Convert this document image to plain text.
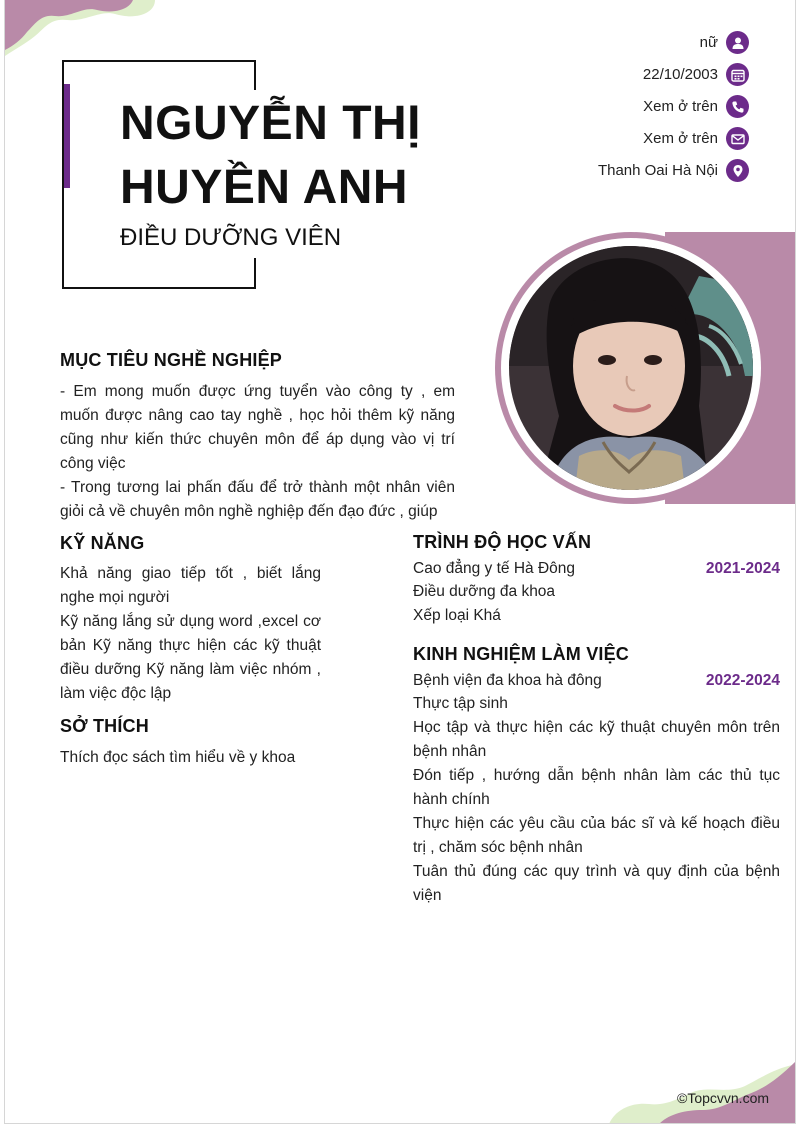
NGUYỄN THỊ
HUYỀN ANH
ĐIỀU DƯỠNG VIÊN
nữ
22/10/2003
Xem ở trên
Xem ở trên
Thanh Oai Hà Nội
MỤC TIÊU NGHỀ NGHIỆP

- Em mong muốn được ứng tuyển vào công ty , em muốn được nâng cao tay nghề , học hỏi thêm kỹ năng cũng như kiến thức chuyên môn để áp dụng vào vị trí công việc

- Trong tương lai phấn đấu để trở thành một nhân viên giỏi cả về chuyên môn nghề nghiệp đến đạo đức , giúp

KỸ NĂNG

Khả năng giao tiếp tốt , biết lắng nghe mọi người

Kỹ năng lắng sử dụng word ,excel cơ bản Kỹ năng thực hiện các kỹ thuật điều dưỡng Kỹ năng làm việc nhóm , làm việc độc lập

SỞ THÍCH
Thích đọc sách tìm hiểu về y khoa
TRÌNH ĐỘ HỌC VẤN
Cao đẳng y tế Hà Đông	2021-2024
Điều dưỡng đa khoa
Xếp loại Khá
KINH NGHIỆM LÀM VIỆC
Bệnh viện đa khoa hà đông	2022-2024
Thực tập sinh

Học tập và thực hiện các kỹ thuật chuyên môn trên bệnh nhân

Đón tiếp , hướng dẫn bệnh nhân làm các thủ tục hành chính

Thực hiện các yêu cầu của bác sĩ và kế hoạch điều trị , chăm sóc bệnh nhân

Tuân thủ đúng các quy trình và quy định của bệnh viện

©Topcvvn.com
